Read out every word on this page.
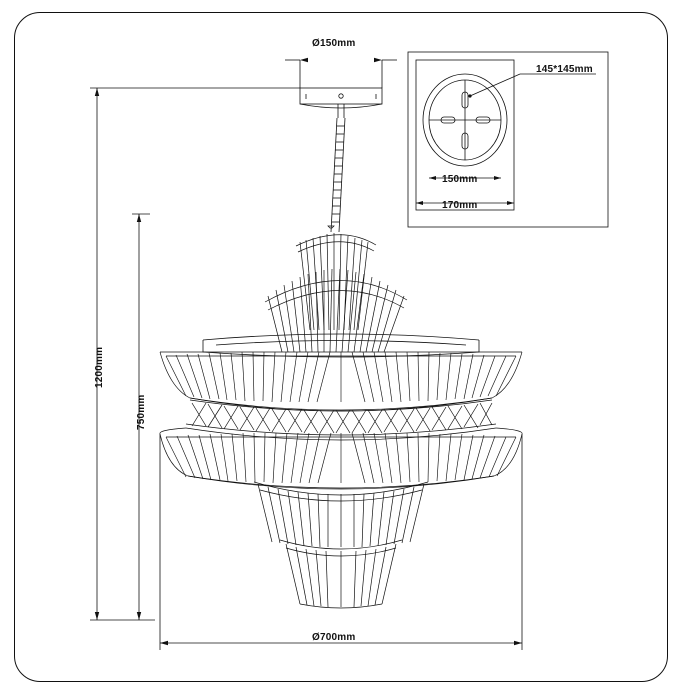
Ø150mm
1200mm
750mm
Ø700mm
145*145mm
150mm
170mm
